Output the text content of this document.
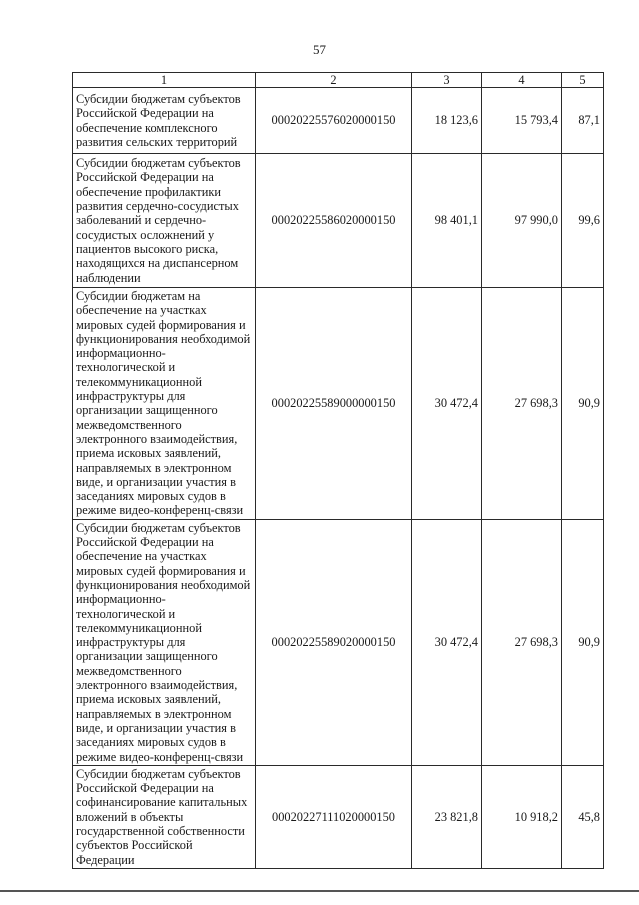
57
1	2	3	4	5
Субсидии бюджетам субъектов Российской Федерации на обеспечение комплексного развития сельских территорий	00020225576020000150	18 123,6	15 793,4	87,1
Субсидии бюджетам субъектов Российской Федерации на обеспечение профилактики развития сердечно-сосудистых заболеваний и сердечно-сосудистых осложнений у пациентов высокого риска, находящихся на диспансерном наблюдении	00020225586020000150	98 401,1	97 990,0	99,6
Субсидии бюджетам на обеспечение на участках мировых судей формирования и функционирования необходимой информационно-технологической и телекоммуникационной инфраструктуры для организации защищенного межведомственного электронного взаимодействия, приема исковых заявлений, направляемых в электронном виде, и организации участия в заседаниях мировых судов в режиме видео-конференц-связи	00020225589000000150	30 472,4	27 698,3	90,9
Субсидии бюджетам субъектов Российской Федерации на обеспечение на участках мировых судей формирования и функционирования необходимой информационно-технологической и телекоммуникационной инфраструктуры для организации защищенного межведомственного электронного взаимодействия, приема исковых заявлений, направляемых в электронном виде, и организации участия в заседаниях мировых судов в режиме видео-конференц-связи	00020225589020000150	30 472,4	27 698,3	90,9
Субсидии бюджетам субъектов Российской Федерации на софинансирование капитальных вложений в объекты государственной собственности субъектов Российской Федерации	00020227111020000150	23 821,8	10 918,2	45,8
